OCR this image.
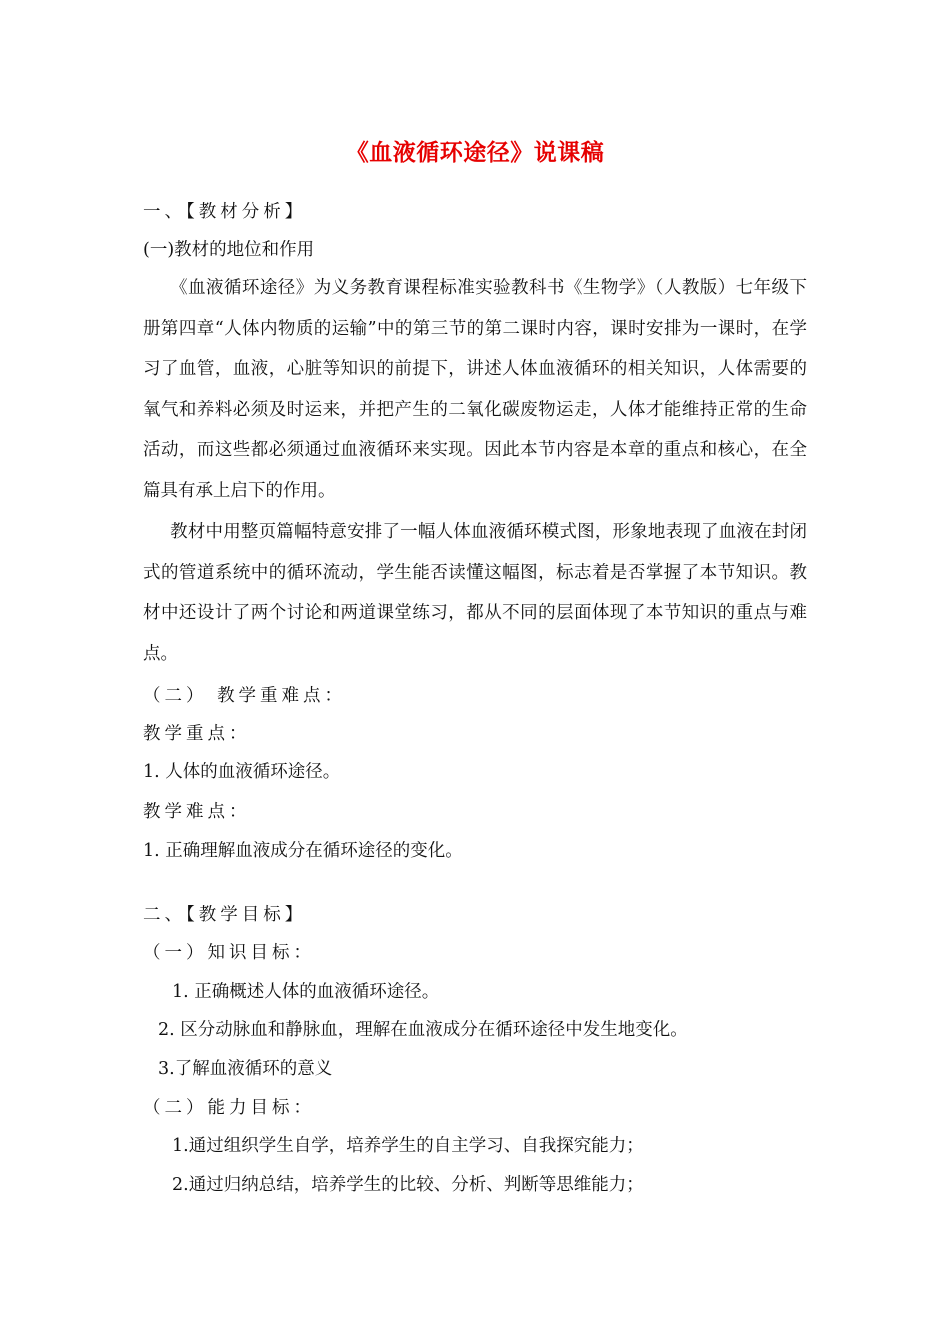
《血液循环途径》说课稿
一、【教材分析】
(一)教材的地位和作用
《血液循环途径》为义务教育课程标准实验教科书《生物学》（人教版）七年级下册第四章“人体内物质的运输”中的第三节的第二课时内容，课时安排为一课时，在学习了血管，血液，心脏等知识的前提下，讲述人体血液循环的相关知识，人体需要的氧气和养料必须及时运来，并把产生的二氧化碳废物运走，人体才能维持正常的生命活动，而这些都必须通过血液循环来实现。因此本节内容是本章的重点和核心，在全篇具有承上启下的作用。
教材中用整页篇幅特意安排了一幅人体血液循环模式图，形象地表现了血液在封闭式的管道系统中的循环流动，学生能否读懂这幅图，标志着是否掌握了本节知识。教材中还设计了两个讨论和两道课堂练习，都从不同的层面体现了本节知识的重点与难点。
（二） 教学重难点：
教学重点：
1. 人体的血液循环途径。
教学难点：
1. 正确理解血液成分在循环途径的变化。
二、【教学目标】
（一）知识目标：
1. 正确概述人体的血液循环途径。
2. 区分动脉血和静脉血，理解在血液成分在循环途径中发生地变化。
3.了解血液循环的意义
（二）能力目标：
1.通过组织学生自学，培养学生的自主学习、自我探究能力；
2.通过归纳总结，培养学生的比较、分析、判断等思维能力；
